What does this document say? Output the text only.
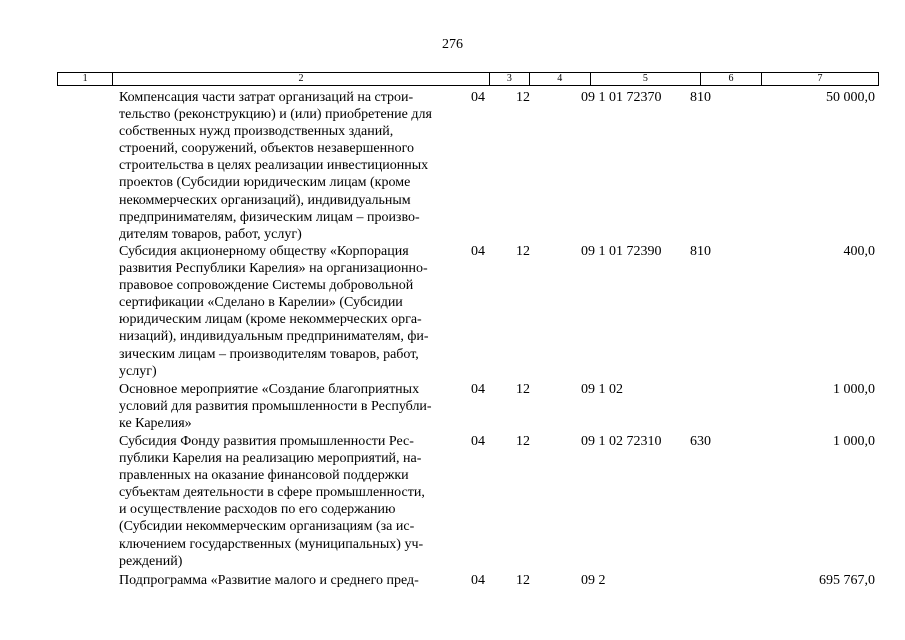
276
1	2	3	4	5	6	7
Компенсация части затрат организаций на строи-
тельство (реконструкцию) и (или) приобретение для
собственных нужд производственных зданий,
строений, сооружений, объектов незавершенного
строительства в целях реализации инвестиционных
проектов (Субсидии юридическим лицам (кроме
некоммерческих организаций), индивидуальным
предпринимателям, физическим лицам – произво-
дителям товаров, работ, услуг)
04 12	09 1 01 72370 810	50 000,0
Субсидия акционерному обществу «Корпорация
развития Республики Карелия» на организационно-
правовое сопровождение Системы добровольной
сертификации «Сделано в Карелии» (Субсидии
юридическим лицам (кроме некоммерческих орга-
низаций), индивидуальным предпринимателям, фи-
зическим лицам – производителям товаров, работ,
услуг)
04 12	09 1 01 72390 810	400,0
Основное мероприятие «Создание благоприятных
условий для развития промышленности в Республи-
ке Карелия»
04 12	09 1 02	1 000,0
Субсидия Фонду развития промышленности Рес-
публики Карелия на реализацию мероприятий, на-
правленных на оказание финансовой поддержки
субъектам деятельности в сфере промышленности,
и осуществление расходов по его содержанию
(Субсидии некоммерческим организациям (за ис-
ключением государственных (муниципальных) уч-
реждений)
04 12	09 1 02 72310 630	1 000,0
Подпрограмма «Развитие малого и среднего пред-	04 12	09 2	695 767,0
